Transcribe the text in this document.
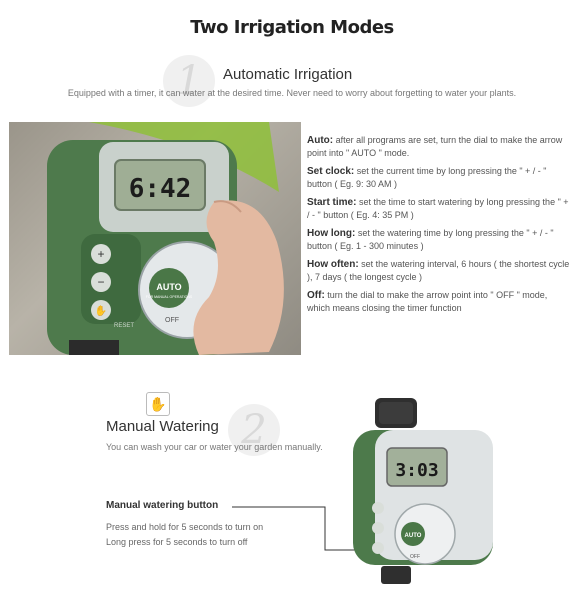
Two Irrigation Modes
1	Automatic Irrigation
Equipped with a timer, it can water at the desired time. Never need to worry about forgetting to water your plants.
6:42
+
−
✋
RESET
AUTO
FOR MANUAL OPERATIONS
OFF
Auto: after all programs are set, turn the dial to make the arrow point into " AUTO " mode.
Set clock: set the current time by long pressing the " + / - " button ( Eg. 9: 30 AM )
Start time: set the time to start watering by long pressing the " + / - " button ( Eg. 4: 35 PM )
How long: set the watering time by long pressing the " + / - " button ( Eg. 1 - 300 minutes )
How often: set the watering interval, 6 hours ( the shortest cycle ), 7 days ( the longest cycle )
Off: turn the dial to make the arrow point into " OFF " mode, which means closing the timer function
✋
2
Manual Watering
You can wash your car or water your garden manually.
Manual watering button
Press and hold for 5 seconds to turn on
Long press for 5 seconds to turn off
3:03
AUTO
OFF
